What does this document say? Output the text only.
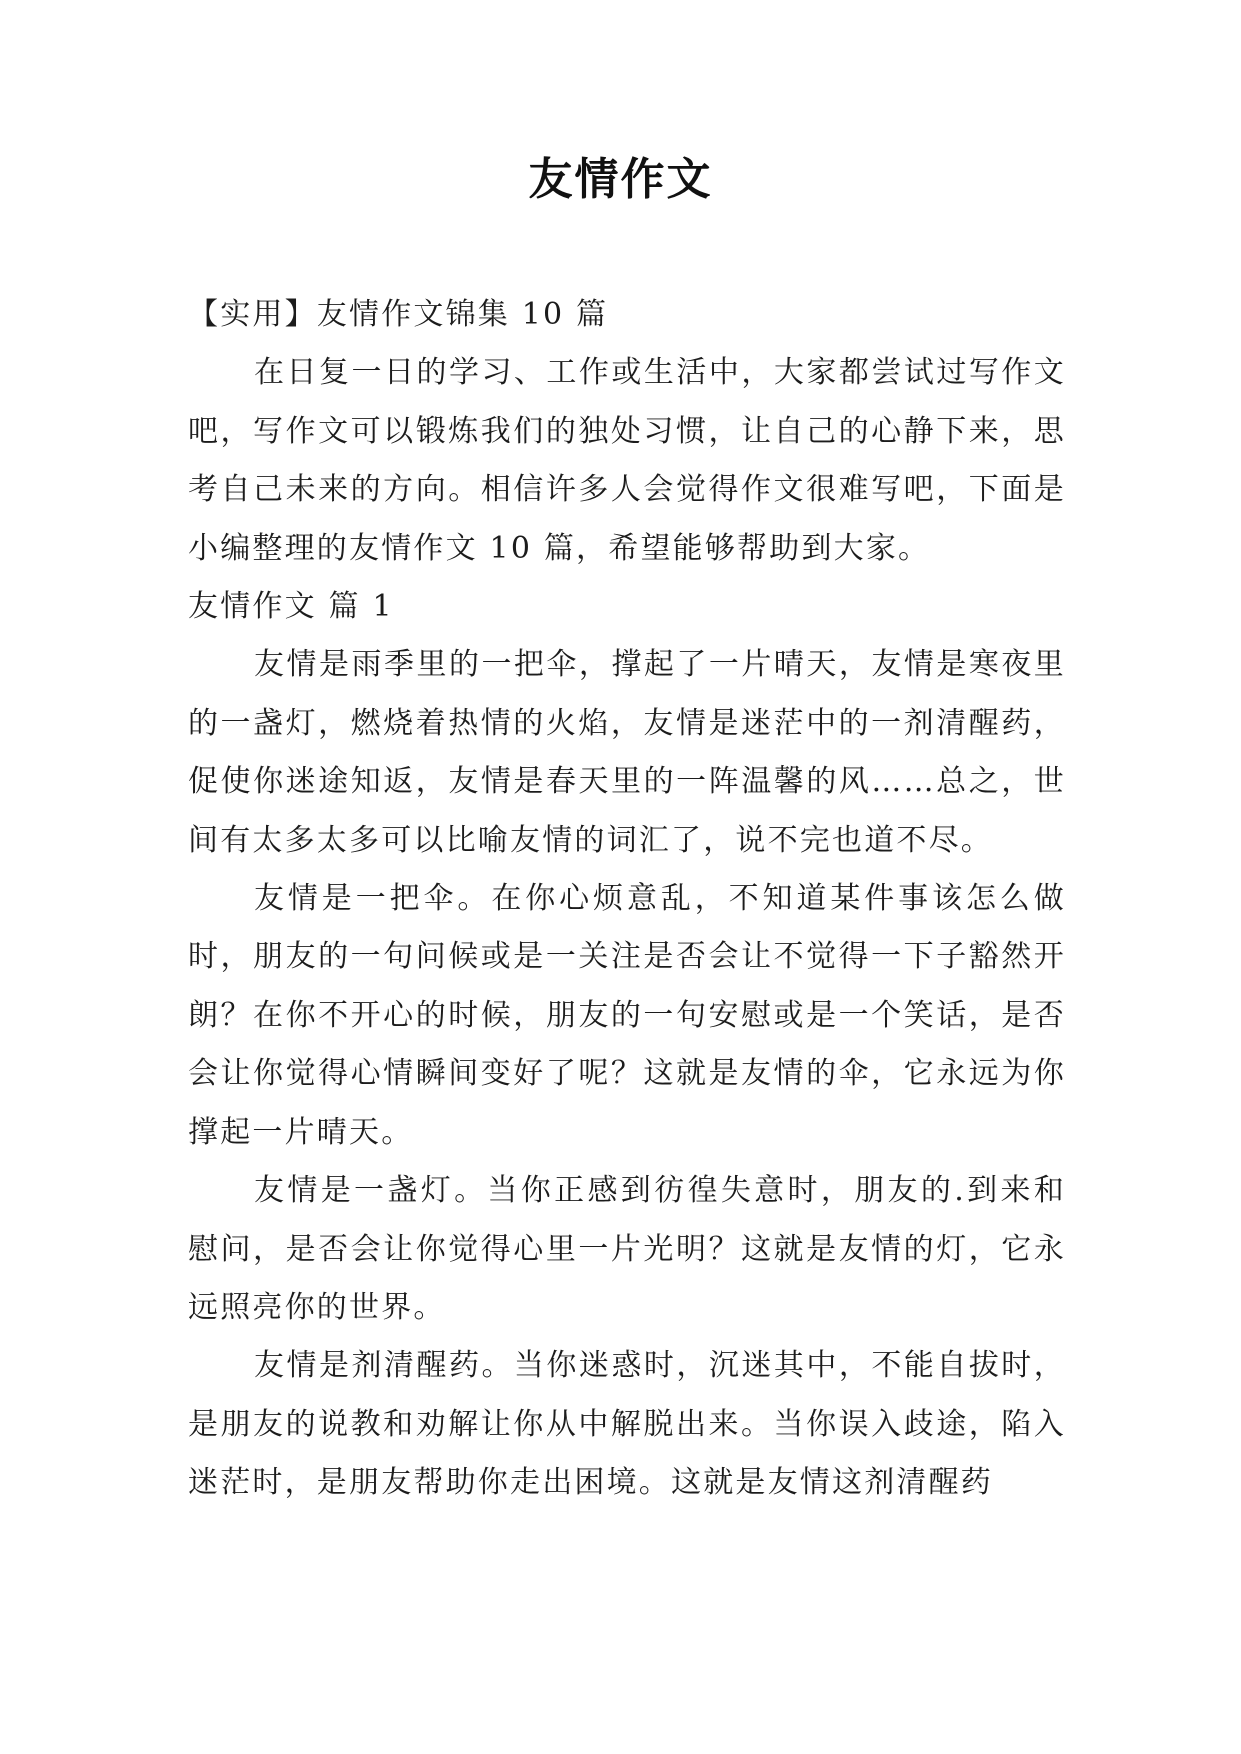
友情作文

【实用】友情作文锦集 10 篇

在日复一日的学习、工作或生活中，大家都尝试过写作文吧，写作文可以锻炼我们的独处习惯，让自己的心静下来，思考自己未来的方向。相信许多人会觉得作文很难写吧，下面是小编整理的友情作文 10 篇，希望能够帮助到大家。

友情作文 篇 1

友情是雨季里的一把伞，撑起了一片晴天，友情是寒夜里的一盏灯，燃烧着热情的火焰，友情是迷茫中的一剂清醒药，促使你迷途知返，友情是春天里的一阵温馨的风……总之，世间有太多太多可以比喻友情的词汇了，说不完也道不尽。

友情是一把伞。在你心烦意乱，不知道某件事该怎么做时，朋友的一句问候或是一关注是否会让不觉得一下子豁然开朗？在你不开心的时候，朋友的一句安慰或是一个笑话，是否会让你觉得心情瞬间变好了呢？这就是友情的伞，它永远为你撑起一片晴天。

友情是一盏灯。当你正感到彷徨失意时，朋友的.到来和慰问，是否会让你觉得心里一片光明？这就是友情的灯，它永远照亮你的世界。

友情是剂清醒药。当你迷惑时，沉迷其中，不能自拔时，是朋友的说教和劝解让你从中解脱出来。当你误入歧途，陷入迷茫时，是朋友帮助你走出困境。这就是友情这剂清醒药
